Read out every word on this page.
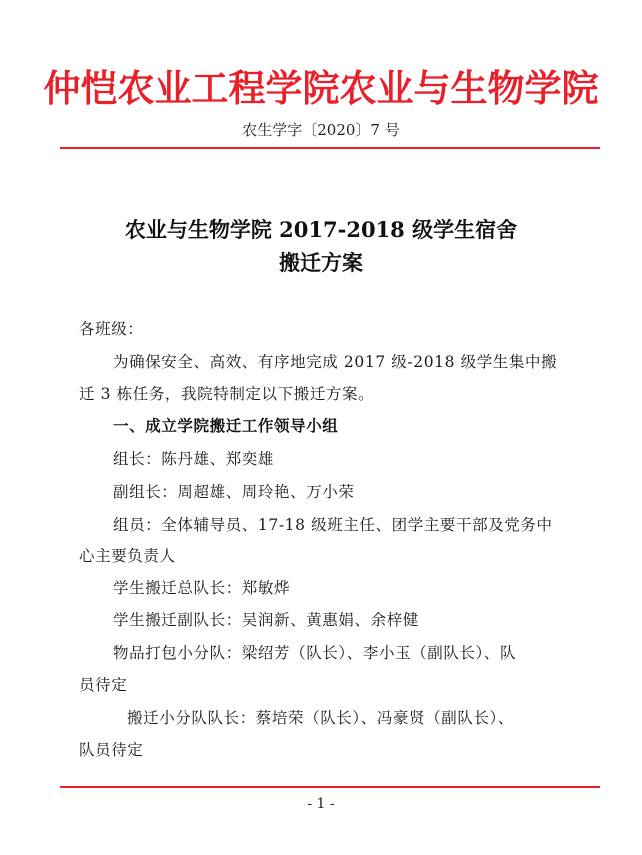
仲恺农业工程学院农业与生物学院
农生学字〔2020〕7 号
农业与生物学院 2017-2018 级学生宿舍
搬迁方案
各班级：
为确保安全、高效、有序地完成 2017 级-2018 级学生集中搬
迁 3 栋任务，我院特制定以下搬迁方案。
一、成立学院搬迁工作领导小组
组长：陈丹雄、郑奕雄
副组长：周超雄、周玲艳、万小荣
组员：全体辅导员、17-18 级班主任、团学主要干部及党务中
心主要负责人
学生搬迁总队长：郑敏烨
学生搬迁副队长：吴润新、黄惠娟、余梓健
物品打包小分队：梁绍芳（队长）、李小玉（副队长）、队
员待定
搬迁小分队队长：蔡培荣（队长）、冯豪贤（副队长）、
队员待定
- 1 -
